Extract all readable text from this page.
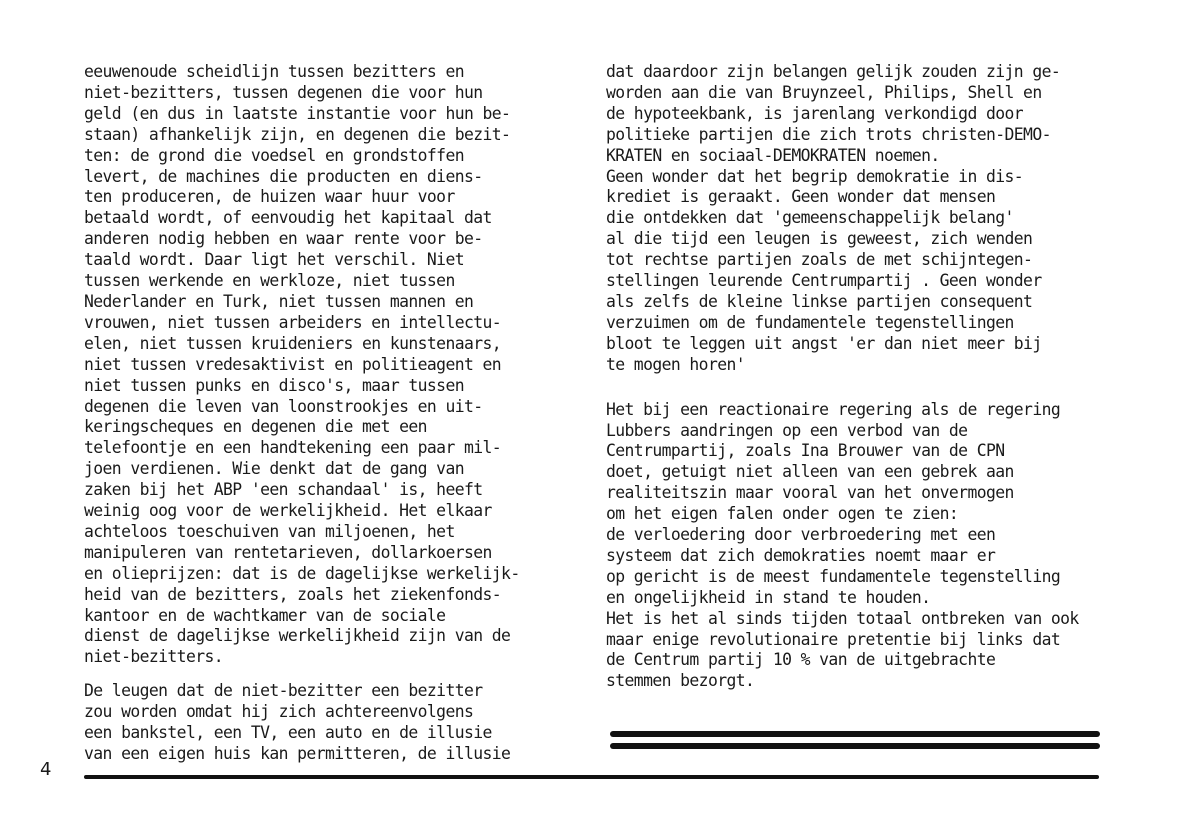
eeuwenoude scheidlijn tussen bezitters en
niet-bezitters, tussen degenen die voor hun
geld (en dus in laatste instantie voor hun be-
staan) afhankelijk zijn, en degenen die bezit-
ten: de grond die voedsel en grondstoffen
levert, de machines die producten en diens-
ten produceren, de huizen waar huur voor
betaald wordt, of eenvoudig het kapitaal dat
anderen nodig hebben en waar rente voor be-
taald wordt. Daar ligt het verschil. Niet
tussen werkende en werkloze, niet tussen
Nederlander en Turk, niet tussen mannen en
vrouwen, niet tussen arbeiders en intellectu-
elen, niet tussen kruideniers en kunstenaars,
niet tussen vredesaktivist en politieagent en
niet tussen punks en disco's, maar tussen
degenen die leven van loonstrookjes en uit-
keringscheques en degenen die met een
telefoontje en een handtekening een paar mil-
joen verdienen. Wie denkt dat de gang van
zaken bij het ABP 'een schandaal' is, heeft
weinig oog voor de werkelijkheid. Het elkaar
achteloos toeschuiven van miljoenen, het
manipuleren van rentetarieven, dollarkoersen
en olieprijzen: dat is de dagelijkse werkelijk-
heid van de bezitters, zoals het ziekenfonds-
kantoor en de wachtkamer van de sociale
dienst de dagelijkse werkelijkheid zijn van de
niet-bezitters.
De leugen dat de niet-bezitter een bezitter
zou worden omdat hij zich achtereenvolgens
een bankstel, een TV, een auto en de illusie
van een eigen huis kan permitteren, de illusie
dat daardoor zijn belangen gelijk zouden zijn ge-
worden aan die van Bruynzeel, Philips, Shell en
de hypoteekbank, is jarenlang verkondigd door
politieke partijen die zich trots christen-DEMO-
KRATEN en sociaal-DEMOKRATEN noemen.
Geen wonder dat het begrip demokratie in dis-
krediet is geraakt. Geen wonder dat mensen
die ontdekken dat 'gemeenschappelijk belang'
al die tijd een leugen is geweest, zich wenden
tot rechtse partijen zoals de met schijntegen-
stellingen leurende Centrumpartij . Geen wonder
als zelfs de kleine linkse partijen consequent
verzuimen om de fundamentele tegenstellingen
bloot te leggen uit angst 'er dan niet meer bij
te mogen horen'
Het bij een reactionaire regering als de regering
Lubbers aandringen op een verbod van de
Centrumpartij, zoals Ina Brouwer van de CPN
doet, getuigt niet alleen van een gebrek aan
realiteitszin maar vooral van het onvermogen
om het eigen falen onder ogen te zien:
de verloedering door verbroedering met een
systeem dat zich demokraties noemt maar er
op gericht is de meest fundamentele tegenstelling
en ongelijkheid in stand te houden.
Het is het al sinds tijden totaal ontbreken van ook
maar enige revolutionaire pretentie bij links dat
de Centrum partij 10 % van de uitgebrachte
stemmen bezorgt.
4
